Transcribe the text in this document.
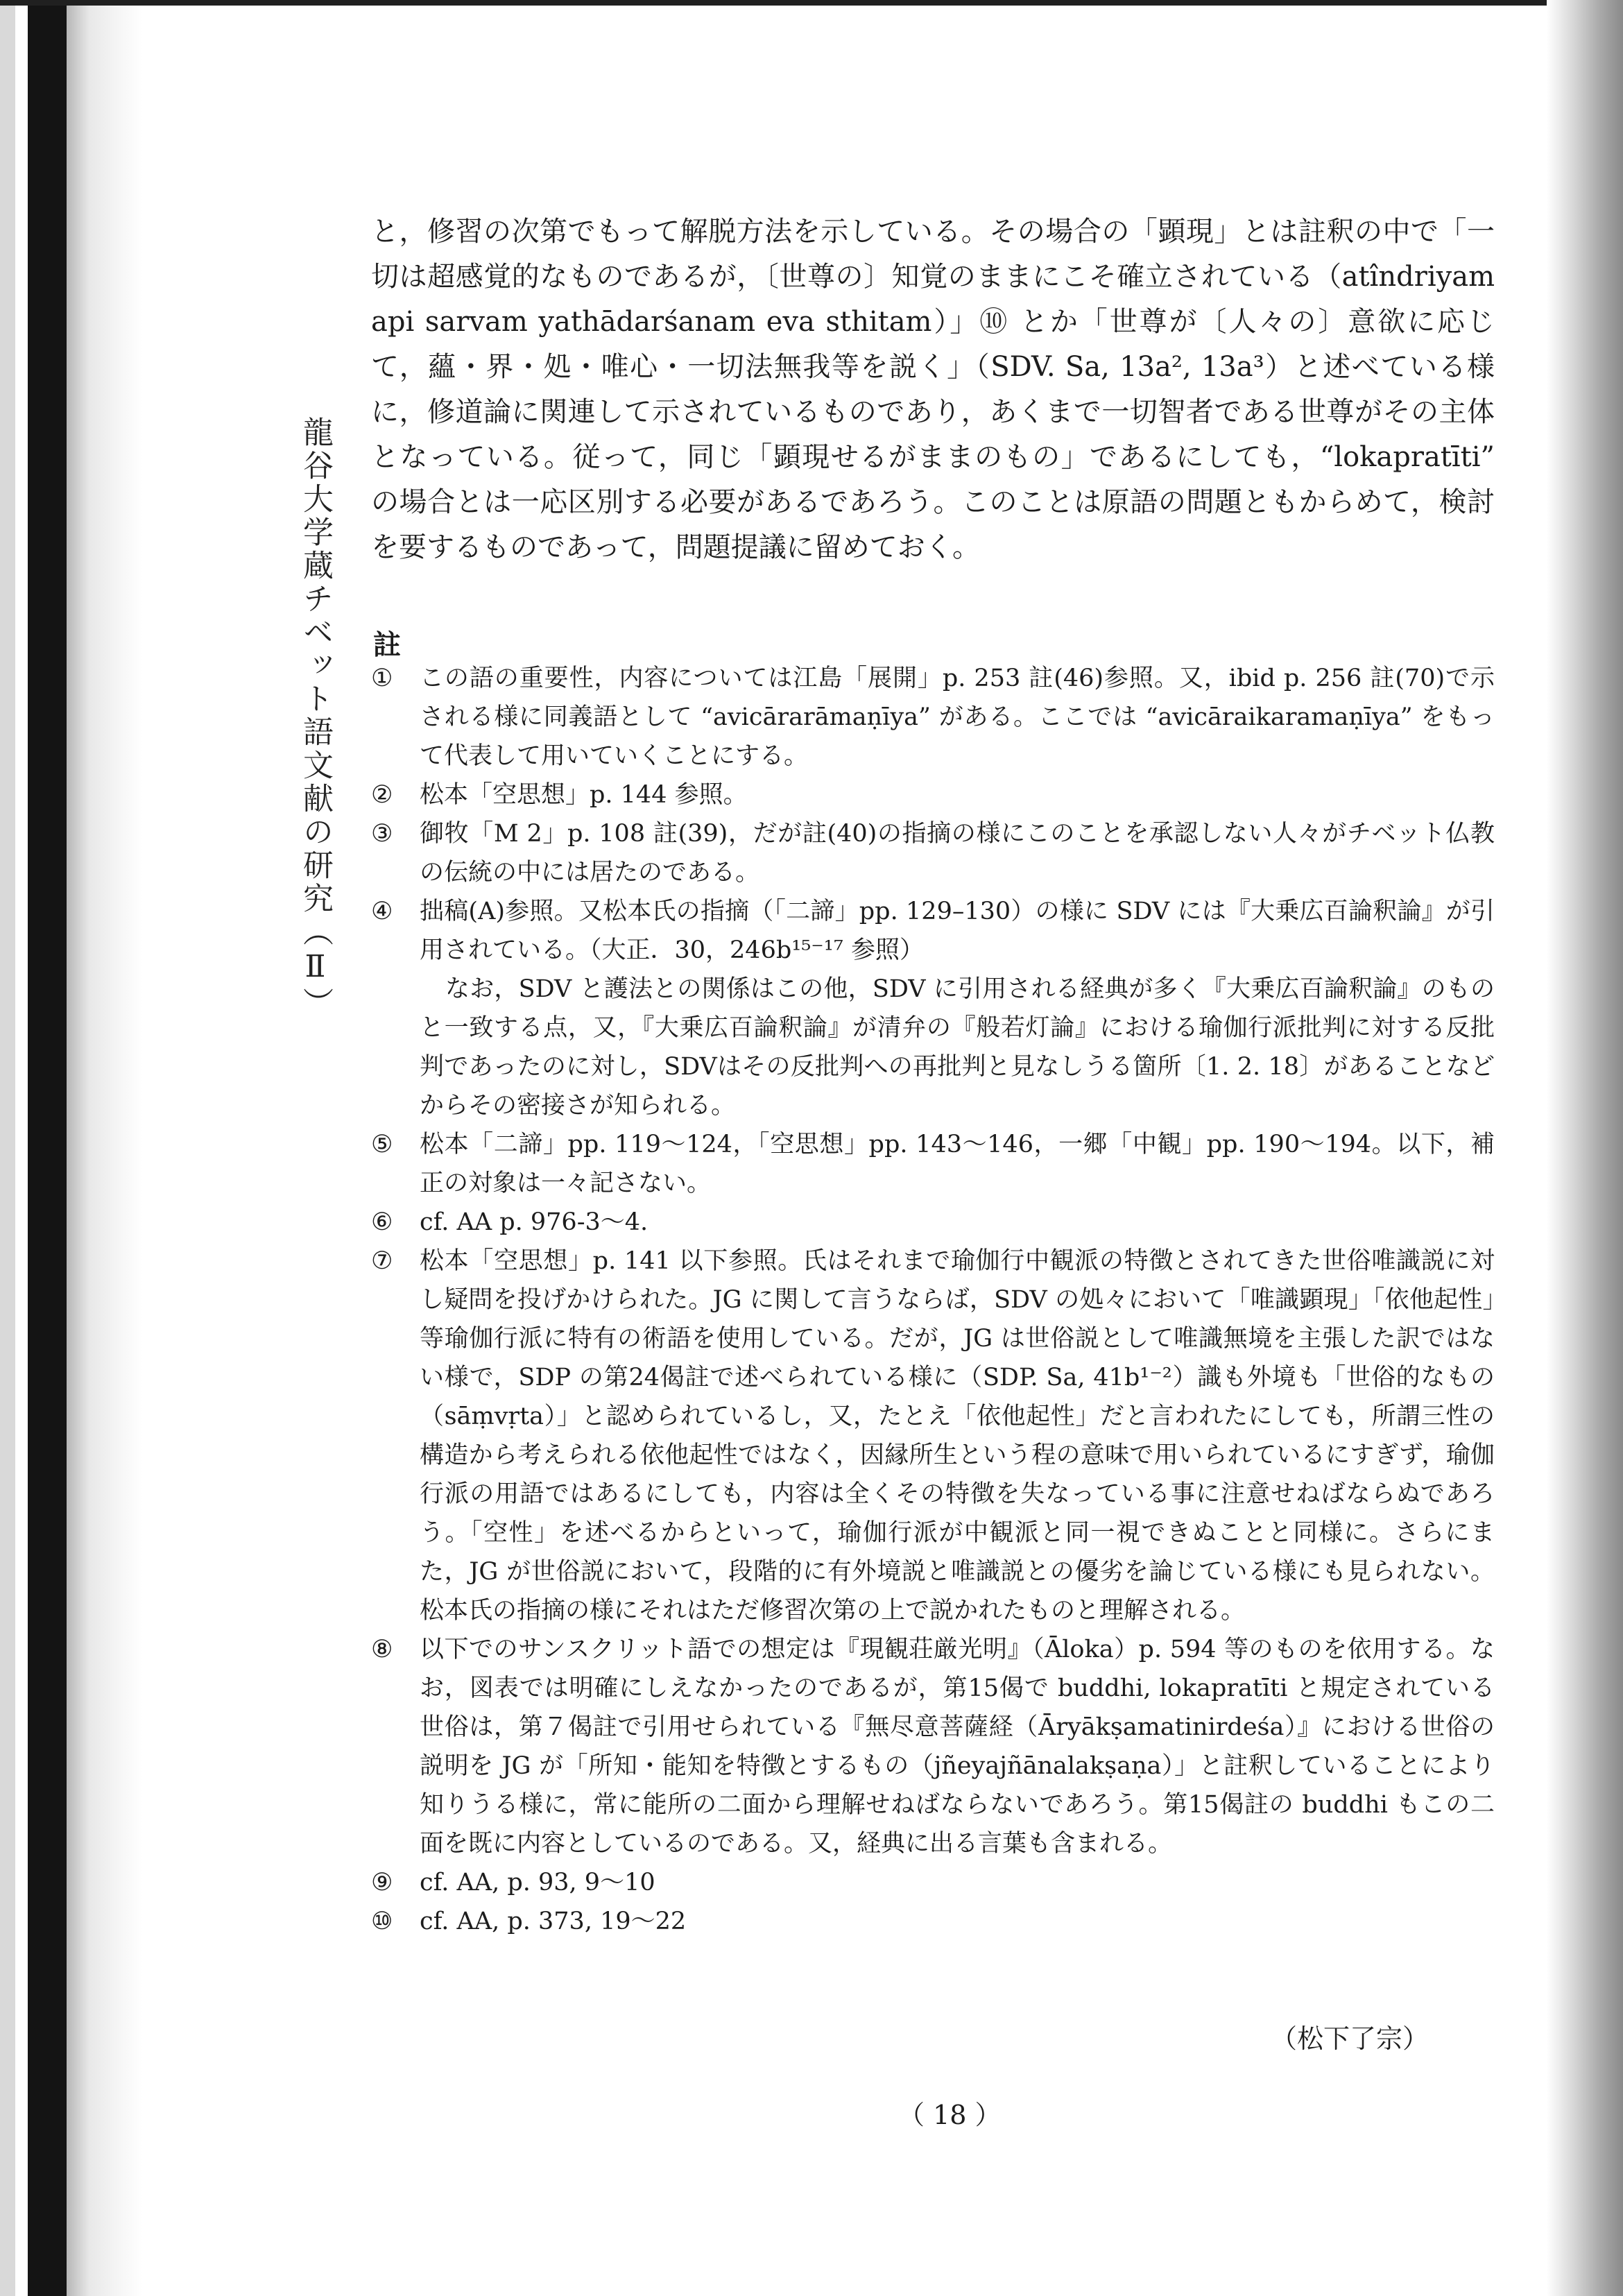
龍谷大学蔵チベット語文献の研究（Ⅱ）
と，修習の次第でもって解脱方法を示している。その場合の「顕現」とは註釈の中で「一切は超感覚的なものであるが，〔世尊の〕知覚のままにこそ確立されている（atîndriyam api sarvam yathādarśanam eva sthitam）」⑩ とか「世尊が〔人々の〕意欲に応じて，蘊・界・処・唯心・一切法無我等を説く」（SDV. Sa, 13a², 13a³）と述べている様に，修道論に関連して示されているものであり，あくまで一切智者である世尊がその主体となっている。従って，同じ「顕現せるがままのもの」であるにしても，“lokapratīti” の場合とは一応区別する必要があるであろう。このことは原語の問題ともからめて，検討を要するものであって，問題提議に留めておく。
註
①	この語の重要性，内容については江島「展開」p. 253 註(46)参照。又，ibid p. 256 註(70)で示される様に同義語として “avicārarāmaṇīya” がある。ここでは “avicāraikaramaṇīya” をもって代表して用いていくことにする。
②	松本「空思想」p. 144 参照。
③	御牧「M 2」p. 108 註(39)，だが註(40)の指摘の様にこのことを承認しない人々がチベット仏教の伝統の中には居たのである。
④	拙稿(A)参照。又松本氏の指摘（「二諦」pp. 129–130）の様に SDV には『大乗広百論釈論』が引用されている。（大正．30，246b¹⁵⁻¹⁷ 参照）
なお，SDV と護法との関係はこの他，SDV に引用される経典が多く『大乗広百論釈論』のものと一致する点，又，『大乗広百論釈論』が清弁の『般若灯論』における瑜伽行派批判に対する反批判であったのに対し，SDVはその反批判への再批判と見なしうる箇所〔1. 2. 18〕があることなどからその密接さが知られる。
⑤	松本「二諦」pp. 119～124，「空思想」pp. 143～146，一郷「中観」pp. 190～194。以下，補正の対象は一々記さない。
⑥	cf. AA p. 976-3～4.
⑦	松本「空思想」p. 141 以下参照。氏はそれまで瑜伽行中観派の特徴とされてきた世俗唯識説に対し疑問を投げかけられた。JG に関して言うならば，SDV の処々において「唯識顕現」「依他起性」等瑜伽行派に特有の術語を使用している。だが，JG は世俗説として唯識無境を主張した訳ではない様で，SDP の第24偈註で述べられている様に（SDP. Sa, 41b¹⁻²）識も外境も「世俗的なもの（sāṃvṛta）」と認められているし，又，たとえ「依他起性」だと言われたにしても，所謂三性の構造から考えられる依他起性ではなく，因縁所生という程の意味で用いられているにすぎず，瑜伽行派の用語ではあるにしても，内容は全くその特徴を失なっている事に注意せねばならぬであろう。「空性」を述べるからといって，瑜伽行派が中観派と同一視できぬことと同様に。さらにまた，JG が世俗説において，段階的に有外境説と唯識説との優劣を論じている様にも見られない。松本氏の指摘の様にそれはただ修習次第の上で説かれたものと理解される。
⑧	以下でのサンスクリット語での想定は『現観荘厳光明』（Āloka）p. 594 等のものを依用する。なお，図表では明確にしえなかったのであるが，第15偈で buddhi, lokapratīti と規定されている世俗は，第７偈註で引用せられている『無尽意菩薩経（Āryākṣamatinirdeśa）』における世俗の説明を JG が「所知・能知を特徴とするもの（jñeyajñānalakṣaṇa）」と註釈していることにより知りうる様に，常に能所の二面から理解せねばならないであろう。第15偈註の buddhi もこの二面を既に内容としているのである。又，経典に出る言葉も含まれる。
⑨	cf. AA, p. 93, 9～10
⑩	cf. AA, p. 373, 19～22
（松下了宗）
（ 18 ）
